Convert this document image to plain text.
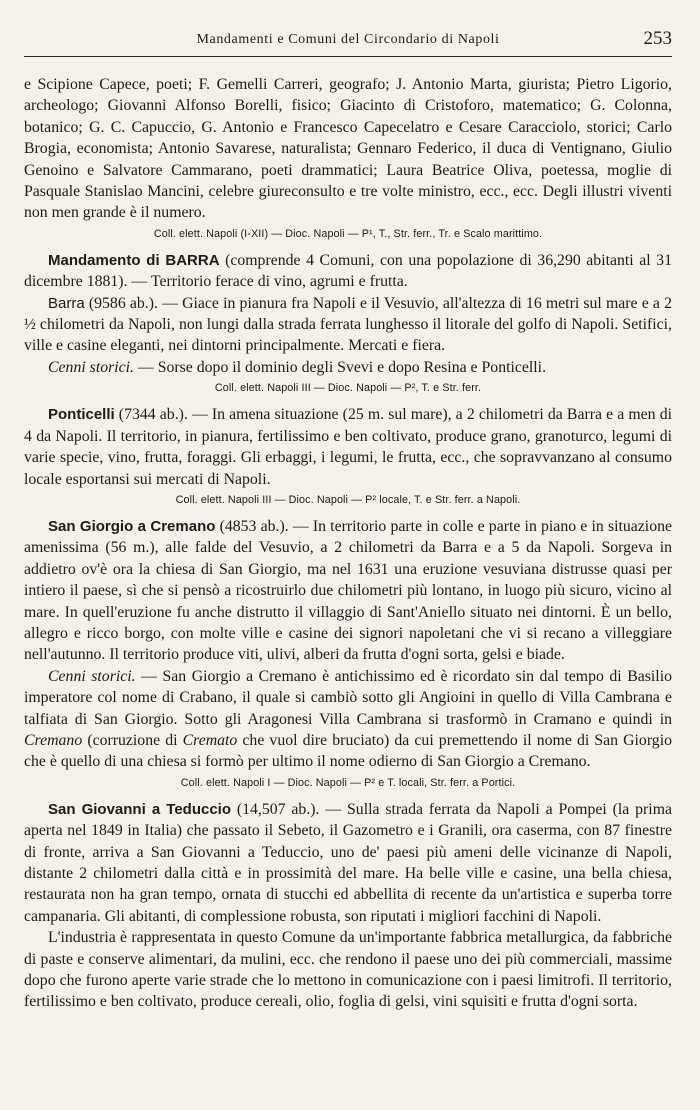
Mandamenti e Comuni del Circondario di Napoli	253

e Scipione Capece, poeti; F. Gemelli Carreri, geografo; J. Antonio Marta, giurista; Pietro Ligorio, archeologo; Giovanni Alfonso Borelli, fisico; Giacinto di Cristoforo, matematico; G. Colonna, botanico; G. C. Capuccio, G. Antonio e Francesco Capecelatro e Cesare Caracciolo, storici; Carlo Brogia, economista; Antonio Savarese, naturalista; Gennaro Federico, il duca di Ventignano, Giulio Genoino e Salvatore Cammarano, poeti drammatici; Laura Beatrice Oliva, poetessa, moglie di Pasquale Stanislao Mancini, celebre giureconsulto e tre volte ministro, ecc., ecc. Degli illustri viventi non men grande è il numero.

Coll. elett. Napoli (I-XII) — Dioc. Napoli — P¹, T., Str. ferr., Tr. e Scalo marittimo.

Mandamento di BARRA (comprende 4 Comuni, con una popolazione di 36,290 abitanti al 31 dicembre 1881). — Territorio ferace di vino, agrumi e frutta.

Barra (9586 ab.). — Giace in pianura fra Napoli e il Vesuvio, all'altezza di 16 metri sul mare e a 2 ½ chilometri da Napoli, non lungi dalla strada ferrata lunghesso il litorale del golfo di Napoli. Setifici, ville e casine eleganti, nei dintorni principalmente. Mercati e fiera.

Cenni storici. — Sorse dopo il dominio degli Svevi e dopo Resina e Ponticelli.

Coll. elett. Napoli III — Dioc. Napoli — P², T. e Str. ferr.

Ponticelli (7344 ab.). — In amena situazione (25 m. sul mare), a 2 chilometri da Barra e a men di 4 da Napoli. Il territorio, in pianura, fertilissimo e ben coltivato, produce grano, granoturco, legumi di varie specie, vino, frutta, foraggi. Gli erbaggi, i legumi, le frutta, ecc., che sopravvanzano al consumo locale esportansi sui mercati di Napoli.

Coll. elett. Napoli III — Dioc. Napoli — P² locale, T. e Str. ferr. a Napoli.

San Giorgio a Cremano (4853 ab.). — In territorio parte in colle e parte in piano e in situazione amenissima (56 m.), alle falde del Vesuvio, a 2 chilometri da Barra e a 5 da Napoli. Sorgeva in addietro ov'è ora la chiesa di San Giorgio, ma nel 1631 una eruzione vesuviana distrusse quasi per intiero il paese, sì che si pensò a ricostruirlo due chilometri più lontano, in luogo più sicuro, vicino al mare. In quell'eruzione fu anche distrutto il villaggio di Sant'Aniello situato nei dintorni. È un bello, allegro e ricco borgo, con molte ville e casine dei signori napoletani che vi si recano a villeggiare nell'autunno. Il territorio produce viti, ulivi, alberi da frutta d'ogni sorta, gelsi e biade.

Cenni storici. — San Giorgio a Cremano è antichissimo ed è ricordato sin dal tempo di Basilio imperatore col nome di Crabano, il quale si cambiò sotto gli Angioini in quello di Villa Cambrana e talfiata di San Giorgio. Sotto gli Aragonesi Villa Cambrana si trasformò in Cramano e quindi in Cremano (corruzione di Cremato che vuol dire bruciato) da cui premettendo il nome di San Giorgio che è quello di una chiesa si formò per ultimo il nome odierno di San Giorgio a Cremano.

Coll. elett. Napoli I — Dioc. Napoli — P² e T. locali, Str. ferr. a Portici.

San Giovanni a Teduccio (14,507 ab.). — Sulla strada ferrata da Napoli a Pompei (la prima aperta nel 1849 in Italia) che passato il Sebeto, il Gazometro e i Granili, ora caserma, con 87 finestre di fronte, arriva a San Giovanni a Teduccio, uno de' paesi più ameni delle vicinanze di Napoli, distante 2 chilometri dalla città e in prossimità del mare. Ha belle ville e casine, una bella chiesa, restaurata non ha gran tempo, ornata di stucchi ed abbellita di recente da un'artistica e superba torre campanaria. Gli abitanti, di complessione robusta, son riputati i migliori facchini di Napoli.

L'industria è rappresentata in questo Comune da un'importante fabbrica metallurgica, da fabbriche di paste e conserve alimentari, da mulini, ecc. che rendono il paese uno dei più commerciali, massime dopo che furono aperte varie strade che lo mettono in comunicazione con i paesi limitrofi. Il territorio, fertilissimo e ben coltivato, produce cereali, olio, foglia di gelsi, vini squisiti e frutta d'ogni sorta.
